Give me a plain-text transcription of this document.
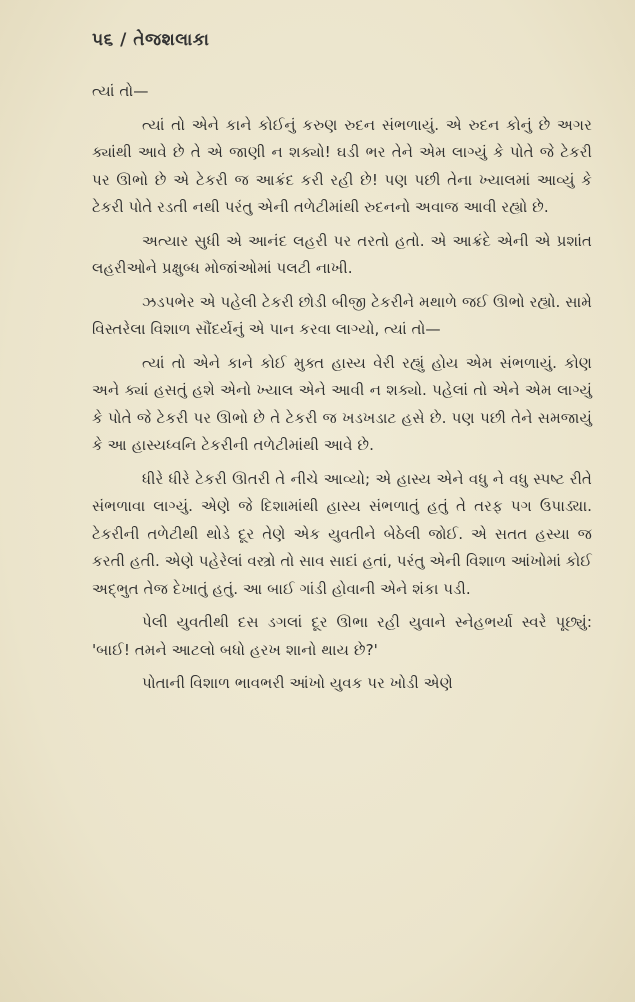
૫૬ / તેજશલાકા

ત્યાં તો—

ત્યાં તો એને કાને કોઈનું કરુણ રુદન સંભળાયું. એ રુદન કોનું છે અગર ક્યાંથી આવે છે તે એ જાણી ન શક્યો! ઘડી ભર તેને એમ લાગ્યું કે પોતે જે ટેકરી પર ઊભો છે એ ટેકરી જ આક્રંદ કરી રહી છે! પણ પછી તેના ખ્યાલમાં આવ્યું કે ટેકરી પોતે રડતી નથી પરંતુ એની તળેટીમાંથી રુદનનો અવાજ આવી રહ્યો છે.

અત્યાર સુધી એ આનંદ લહરી પર તરતો હતો. એ આક્રંદે એની એ પ્રશાંત લહરીઓને પ્રક્ષુબ્ધ મોજાંઓમાં પલટી નાખી.

ઝડપભેર એ પહેલી ટેકરી છોડી બીજી ટેકરીને મથાળે જઈ ઊભો રહ્યો. સામે વિસ્તરેલા વિશાળ સૌંદર્યનું એ પાન કરવા લાગ્યો, ત્યાં તો—

ત્યાં તો એને કાને કોઈ મુક્ત હાસ્ય વેરી રહ્યું હોય એમ સંભળાયું. કોણ અને ક્યાં હસતું હશે એનો ખ્યાલ એને આવી ન શક્યો. પહેલાં તો એને એમ લાગ્યું કે પોતે જે ટેકરી પર ઊભો છે તે ટેકરી જ ખડખડાટ હસે છે. પણ પછી તેને સમજાયું કે આ હાસ્યધ્વનિ ટેકરીની તળેટીમાંથી આવે છે.

ધીરે ધીરે ટેકરી ઊતરી તે નીચે આવ્યો; એ હાસ્ય એને વધુ ને વધુ સ્પષ્ટ રીતે સંભળાવા લાગ્યું. એણે જે દિશામાંથી હાસ્ય સંભળાતું હતું તે તરફ પગ ઉપાડ્યા. ટેકરીની તળેટીથી થોડે દૂર તેણે એક યુવતીને બેઠેલી જોઈ. એ સતત હસ્યા જ કરતી હતી. એણે પહેરેલાં વસ્ત્રો તો સાવ સાદાં હતાં, પરંતુ એની વિશાળ આંખોમાં કોઈ અદ્ભુત તેજ દેખાતું હતું. આ બાઈ ગાંડી હોવાની એને શંકા પડી.

પેલી યુવતીથી દસ ડગલાં દૂર ઊભા રહી યુવાને સ્નેહભર્યા સ્વરે પૂછ્યું: 'બાઈ! તમને આટલો બધો હરખ શાનો થાય છે?'

પોતાની વિશાળ ભાવભરી આંખો યુવક પર ખોડી એણે
